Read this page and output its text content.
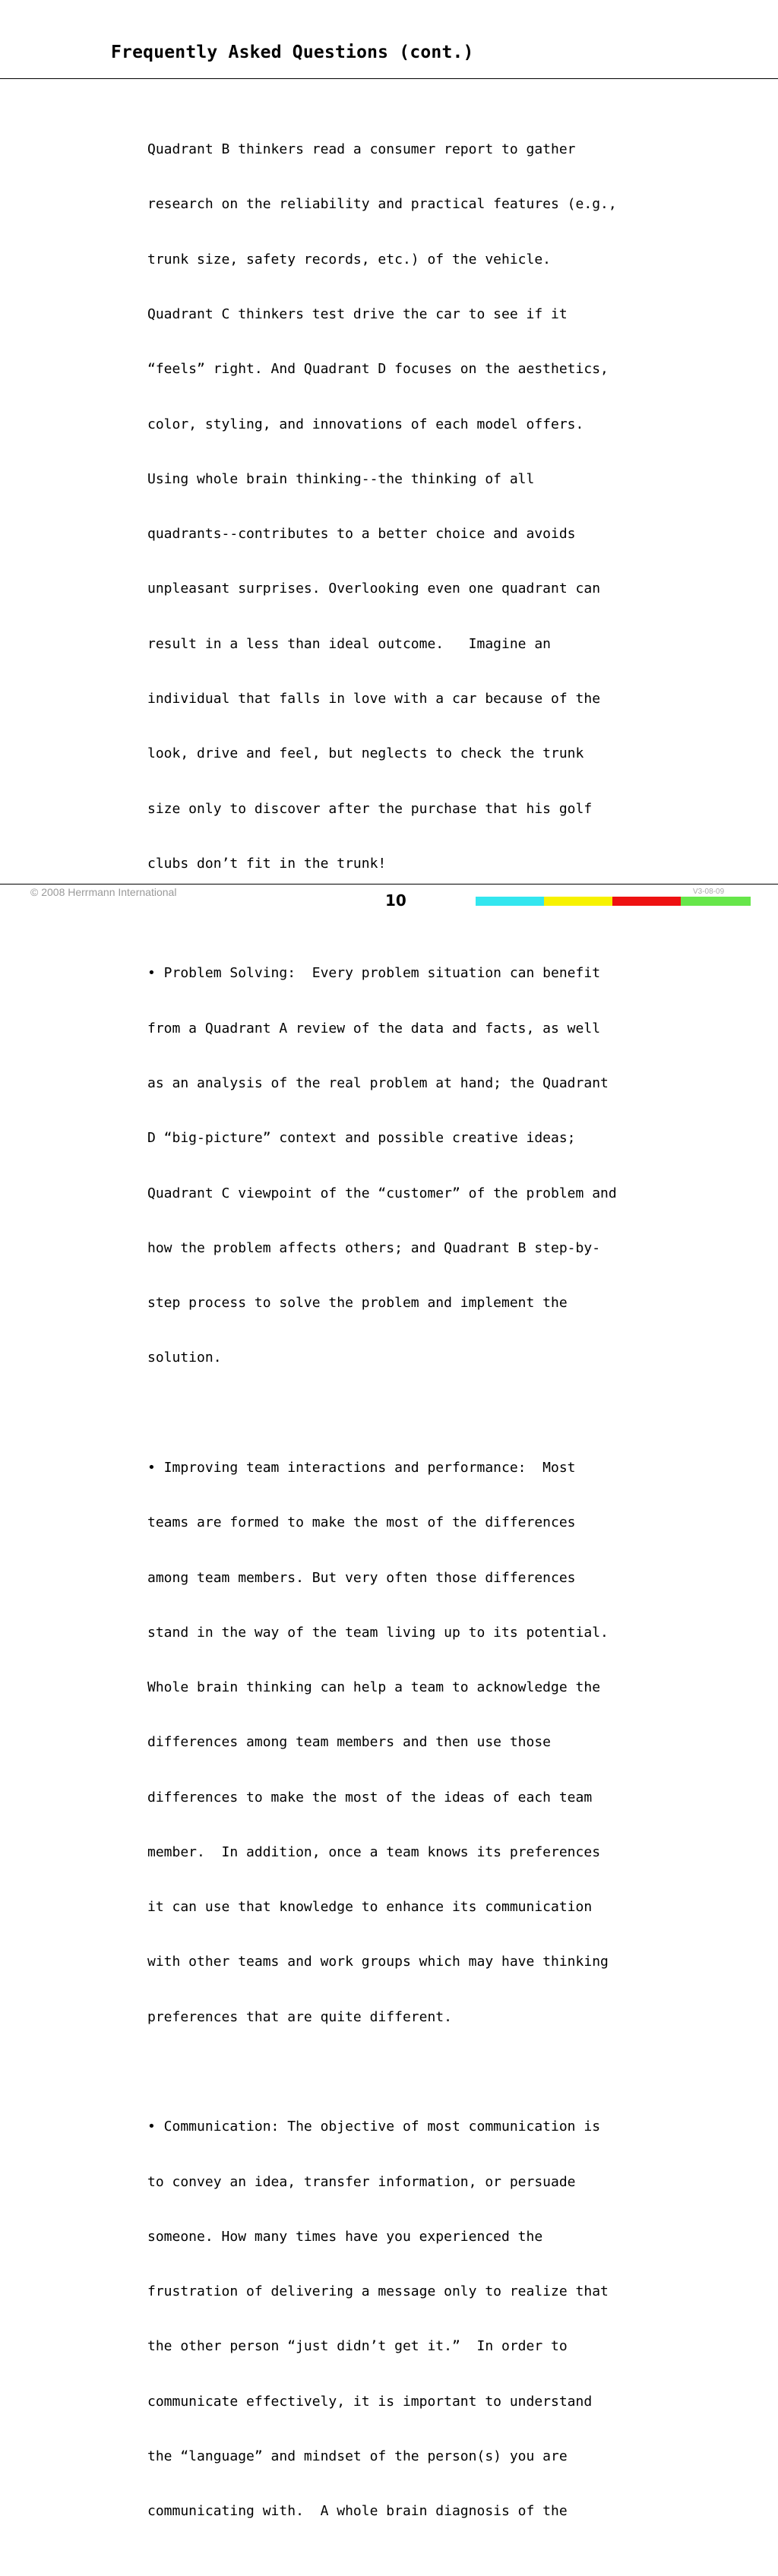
Frequently Asked Questions (cont.)

Quadrant B thinkers read a consumer report to gather

research on the reliability and practical features (e.g.,

trunk size, safety records, etc.) of the vehicle.

Quadrant C thinkers test drive the car to see if it

“feels” right. And Quadrant D focuses on the aesthetics,

color, styling, and innovations of each model offers.

Using whole brain thinking--the thinking of all

quadrants--contributes to a better choice and avoids

unpleasant surprises. Overlooking even one quadrant can

result in a less than ideal outcome.   Imagine an

individual that falls in love with a car because of the

look, drive and feel, but neglects to check the trunk

size only to discover after the purchase that his golf

clubs don’t fit in the trunk!

• Problem Solving:  Every problem situation can benefit

from a Quadrant A review of the data and facts, as well

as an analysis of the real problem at hand; the Quadrant

D “big-picture” context and possible creative ideas;

Quadrant C viewpoint of the “customer” of the problem and

how the problem affects others; and Quadrant B step-by-

step process to solve the problem and implement the

solution.

• Improving team interactions and performance:  Most

teams are formed to make the most of the differences

among team members. But very often those differences

stand in the way of the team living up to its potential.

Whole brain thinking can help a team to acknowledge the

differences among team members and then use those

differences to make the most of the ideas of each team

member.  In addition, once a team knows its preferences

it can use that knowledge to enhance its communication

with other teams and work groups which may have thinking

preferences that are quite different.

• Communication: The objective of most communication is

to convey an idea, transfer information, or persuade

someone. How many times have you experienced the

frustration of delivering a message only to realize that

the other person “just didn’t get it.”  In order to

communicate effectively, it is important to understand

the “language” and mindset of the person(s) you are

communicating with.  A whole brain diagnosis of the

© 2008 Herrmann International	10	V3-08-09
